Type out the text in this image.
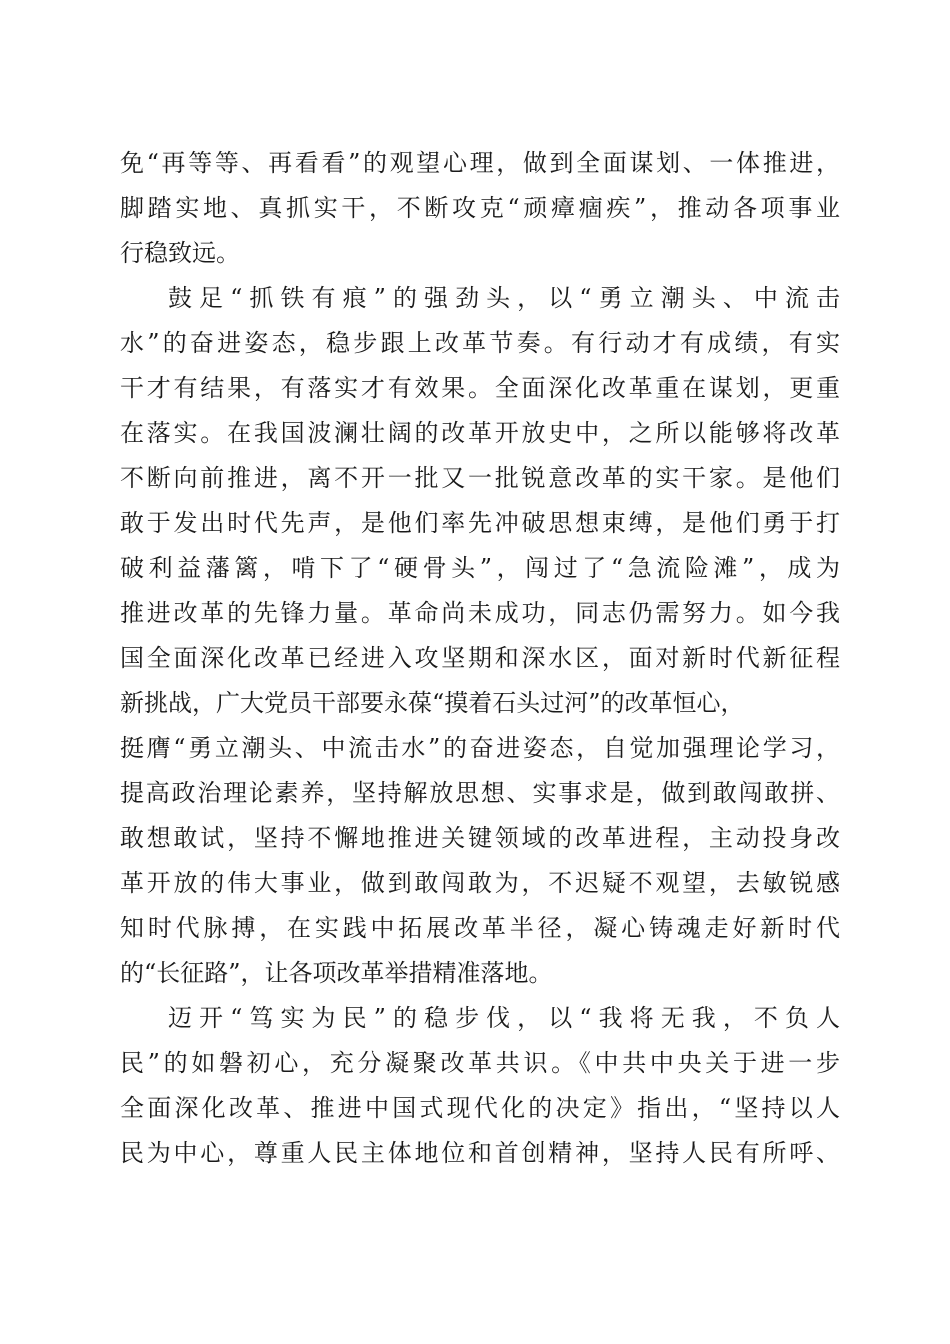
免“再等等、再看看”的观望心理，做到全面谋划、一体推进，
脚踏实地、真抓实干，不断攻克“顽瘴痼疾”，推动各项事业
行稳致远。
鼓足“抓铁有痕”的强劲头，以“勇立潮头、中流击
水”的奋进姿态，稳步跟上改革节奏。有行动才有成绩，有实
干才有结果，有落实才有效果。全面深化改革重在谋划，更重
在落实。在我国波澜壮阔的改革开放史中，之所以能够将改革
不断向前推进，离不开一批又一批锐意改革的实干家。是他们
敢于发出时代先声，是他们率先冲破思想束缚，是他们勇于打
破利益藩篱，啃下了“硬骨头”，闯过了“急流险滩”，成为
推进改革的先锋力量。革命尚未成功，同志仍需努力。如今我
国全面深化改革已经进入攻坚期和深水区，面对新时代新征程
新挑战，广大党员干部要永葆“摸着石头过河”的改革恒心，
挺膺“勇立潮头、中流击水”的奋进姿态，自觉加强理论学习，
提高政治理论素养，坚持解放思想、实事求是，做到敢闯敢拼、
敢想敢试，坚持不懈地推进关键领域的改革进程，主动投身改
革开放的伟大事业，做到敢闯敢为，不迟疑不观望，去敏锐感
知时代脉搏，在实践中拓展改革半径，凝心铸魂走好新时代
的“长征路”，让各项改革举措精准落地。
迈开“笃实为民”的稳步伐，以“我将无我，不负人
民”的如磐初心，充分凝聚改革共识。《中共中央关于进一步
全面深化改革、推进中国式现代化的决定》指出，“坚持以人
民为中心，尊重人民主体地位和首创精神，坚持人民有所呼、
